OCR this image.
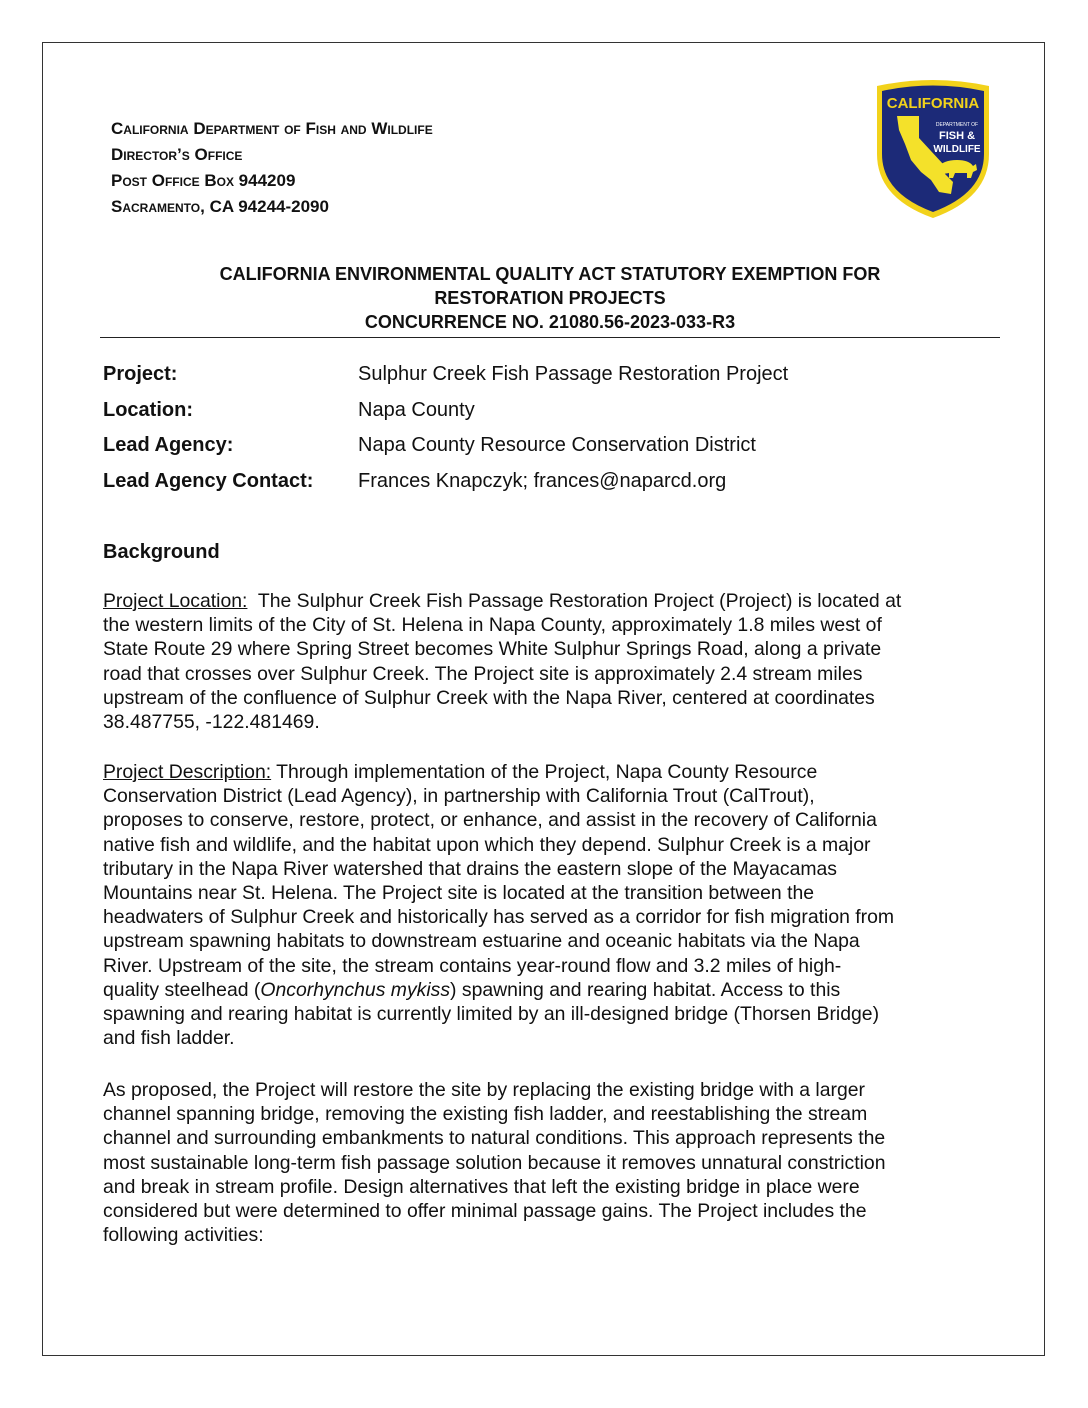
California Department of Fish and Wildlife
Director’s Office
Post Office Box 944209
Sacramento, CA 94244-2090
CALIFORNIA
DEPARTMENT OF
FISH &
WILDLIFE
CALIFORNIA ENVIRONMENTAL QUALITY ACT STATUTORY EXEMPTION FOR
RESTORATION PROJECTS
CONCURRENCE NO. 21080.56-2023-033-R3
Project:	Sulphur Creek Fish Passage Restoration Project
Location:	Napa County
Lead Agency:	Napa County Resource Conservation District
Lead Agency Contact:	Frances Knapczyk; frances@naparcd.org
Background
Project Location:  The Sulphur Creek Fish Passage Restoration Project (Project) is located at
the western limits of the City of St. Helena in Napa County, approximately 1.8 miles west of
State Route 29 where Spring Street becomes White Sulphur Springs Road, along a private
road that crosses over Sulphur Creek. The Project site is approximately 2.4 stream miles
upstream of the confluence of Sulphur Creek with the Napa River, centered at coordinates
38.487755, -122.481469.
Project Description: Through implementation of the Project, Napa County Resource
Conservation District (Lead Agency), in partnership with California Trout (CalTrout),
proposes to conserve, restore, protect, or enhance, and assist in the recovery of California
native fish and wildlife, and the habitat upon which they depend. Sulphur Creek is a major
tributary in the Napa River watershed that drains the eastern slope of the Mayacamas
Mountains near St. Helena. The Project site is located at the transition between the
headwaters of Sulphur Creek and historically has served as a corridor for fish migration from
upstream spawning habitats to downstream estuarine and oceanic habitats via the Napa
River. Upstream of the site, the stream contains year-round flow and 3.2 miles of high-
quality steelhead (Oncorhynchus mykiss) spawning and rearing habitat. Access to this
spawning and rearing habitat is currently limited by an ill-designed bridge (Thorsen Bridge)
and fish ladder.
As proposed, the Project will restore the site by replacing the existing bridge with a larger
channel spanning bridge, removing the existing fish ladder, and reestablishing the stream
channel and surrounding embankments to natural conditions. This approach represents the
most sustainable long-term fish passage solution because it removes unnatural constriction
and break in stream profile. Design alternatives that left the existing bridge in place were
considered but were determined to offer minimal passage gains. The Project includes the
following activities:
